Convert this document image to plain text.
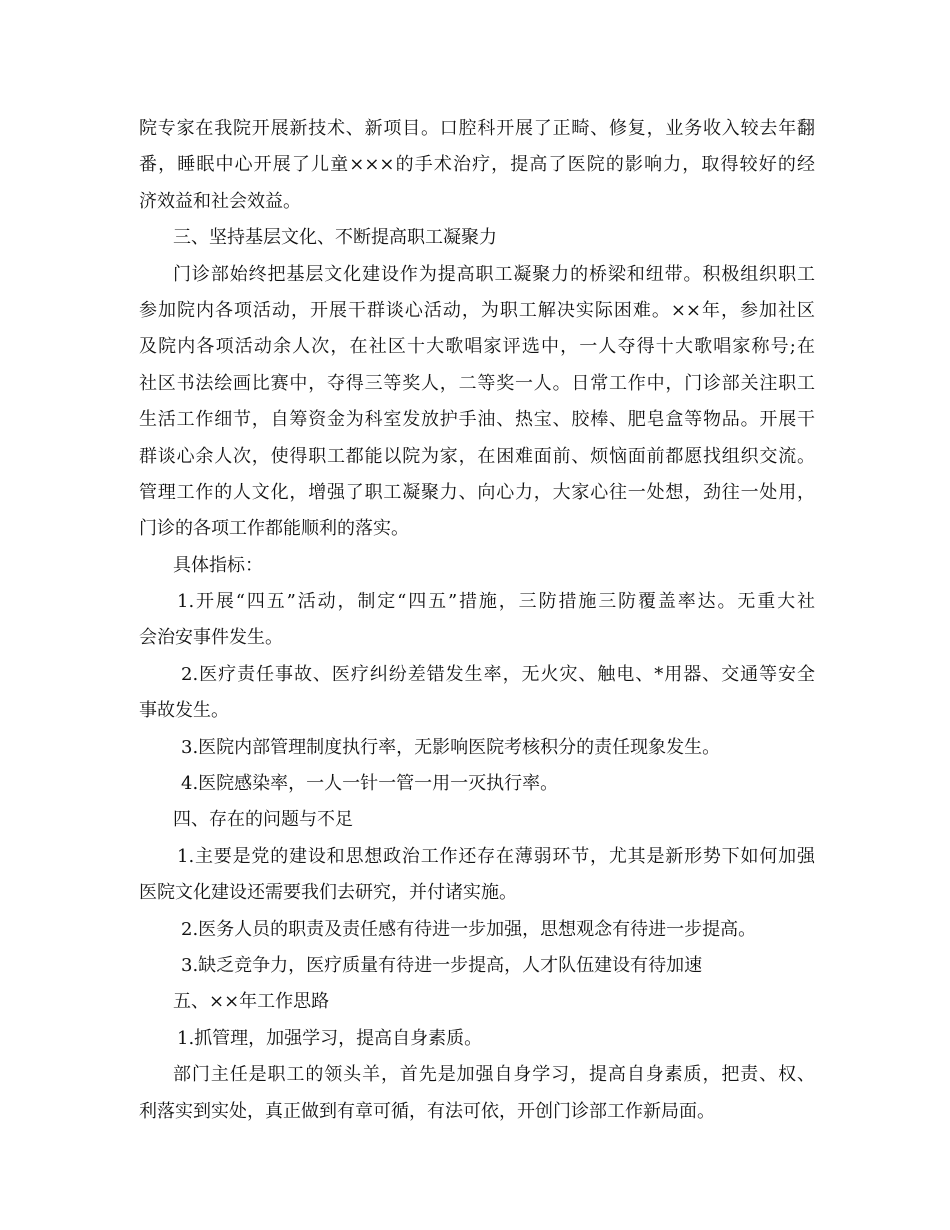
院专家在我院开展新技术、新项目。口腔科开展了正畸、修复，业务收入较去年翻
番，睡眠中心开展了儿童×××的手术治疗，提高了医院的影响力，取得较好的经
济效益和社会效益。
三、坚持基层文化、不断提高职工凝聚力
门诊部始终把基层文化建设作为提高职工凝聚力的桥梁和纽带。积极组织职工
参加院内各项活动，开展干群谈心活动，为职工解决实际困难。××年，参加社区
及院内各项活动余人次，在社区十大歌唱家评选中，一人夺得十大歌唱家称号;在
社区书法绘画比赛中，夺得三等奖人，二等奖一人。日常工作中，门诊部关注职工
生活工作细节，自筹资金为科室发放护手油、热宝、胶棒、肥皂盒等物品。开展干
群谈心余人次，使得职工都能以院为家，在困难面前、烦恼面前都愿找组织交流。
管理工作的人文化，增强了职工凝聚力、向心力，大家心往一处想，劲往一处用，
门诊的各项工作都能顺利的落实。
具体指标：
1.开展“四五”活动，制定“四五”措施，三防措施三防覆盖率达。无重大社
会治安事件发生。
2.医疗责任事故、医疗纠纷差错发生率，无火灾、触电、*用器、交通等安全
事故发生。
3.医院内部管理制度执行率，无影响医院考核积分的责任现象发生。
4.医院感染率，一人一针一管一用一灭执行率。
四、存在的问题与不足
1.主要是党的建设和思想政治工作还存在薄弱环节，尤其是新形势下如何加强
医院文化建设还需要我们去研究，并付诸实施。
2.医务人员的职责及责任感有待进一步加强，思想观念有待进一步提高。
3.缺乏竞争力，医疗质量有待进一步提高，人才队伍建设有待加速
五、××年工作思路
1.抓管理，加强学习，提高自身素质。
部门主任是职工的领头羊，首先是加强自身学习，提高自身素质，把责、权、
利落实到实处，真正做到有章可循，有法可依，开创门诊部工作新局面。
